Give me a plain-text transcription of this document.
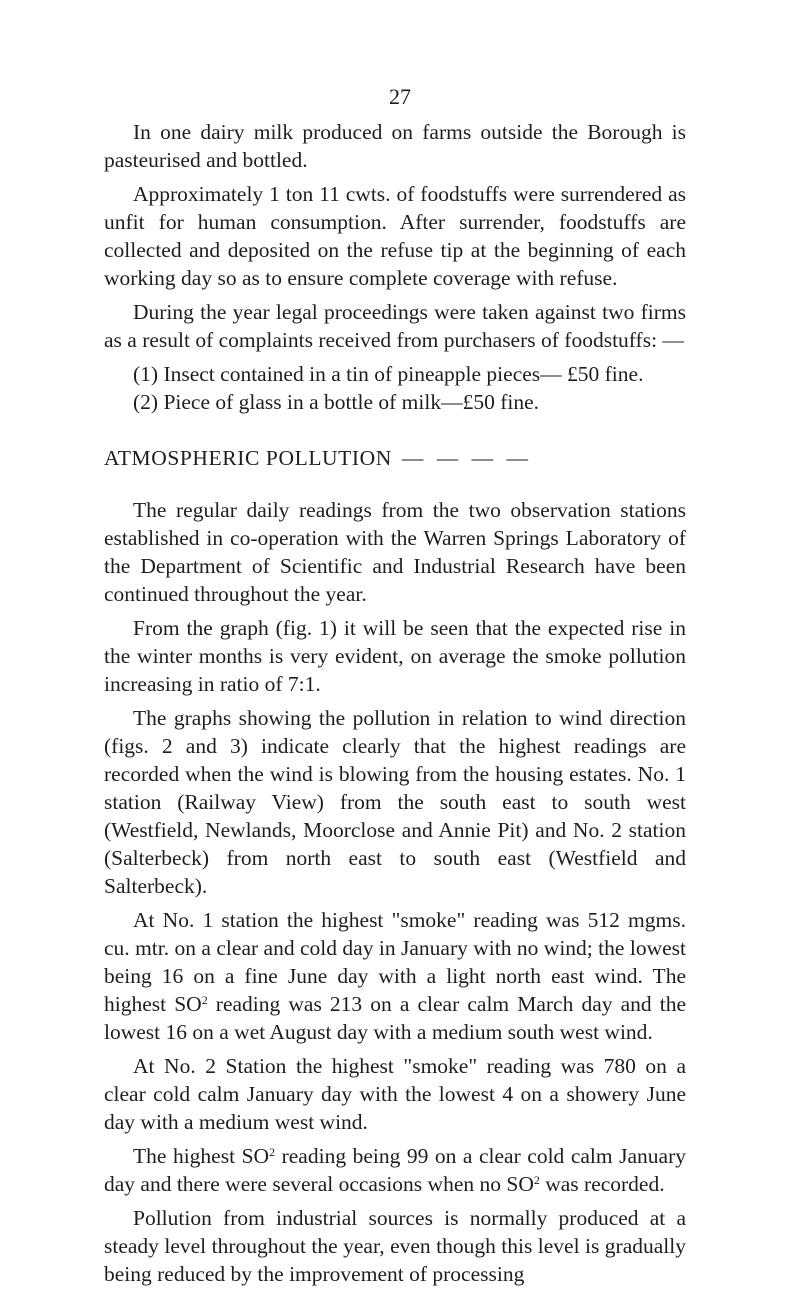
27

In one dairy milk produced on farms outside the Borough is pasteurised and bottled.

Approximately 1 ton 11 cwts. of foodstuffs were surrendered as unfit for human consumption. After surrender, foodstuffs are collected and deposited on the refuse tip at the beginning of each working day so as to ensure complete coverage with refuse.

During the year legal proceedings were taken against two firms as a result of complaints received from purchasers of foodstuffs: —

(1) Insect contained in a tin of pineapple pieces— £50 fine.

(2) Piece of glass in a bottle of milk—£50 fine.

ATMOSPHERIC POLLUTION — — — —

The regular daily readings from the two observation stations established in co-operation with the Warren Springs Laboratory of the Department of Scientific and Industrial Research have been continued throughout the year.

From the graph (fig. 1) it will be seen that the expected rise in the winter months is very evident, on average the smoke pollution increasing in ratio of 7:1.

The graphs showing the pollution in relation to wind direction (figs. 2 and 3) indicate clearly that the highest readings are recorded when the wind is blowing from the housing estates. No. 1 station (Railway View) from the south east to south west (Westfield, Newlands, Moorclose and Annie Pit) and No. 2 station (Salterbeck) from north east to south east (Westfield and Salterbeck).

At No. 1 station the highest "smoke" reading was 512 mgms. cu. mtr. on a clear and cold day in January with no wind; the lowest being 16 on a fine June day with a light north east wind. The highest $SO^2$ reading was 213 on a clear calm March day and the lowest 16 on a wet August day with a medium south west wind.

At No. 2 Station the highest "smoke" reading was 780 on a clear cold calm January day with the lowest 4 on a showery June day with a medium west wind.

The highest $SO^2$ reading being 99 on a clear cold calm January day and there were several occasions when no $SO^2$ was recorded.

Pollution from industrial sources is normally produced at a steady level throughout the year, even though this level is gradually being reduced by the improvement of processing
